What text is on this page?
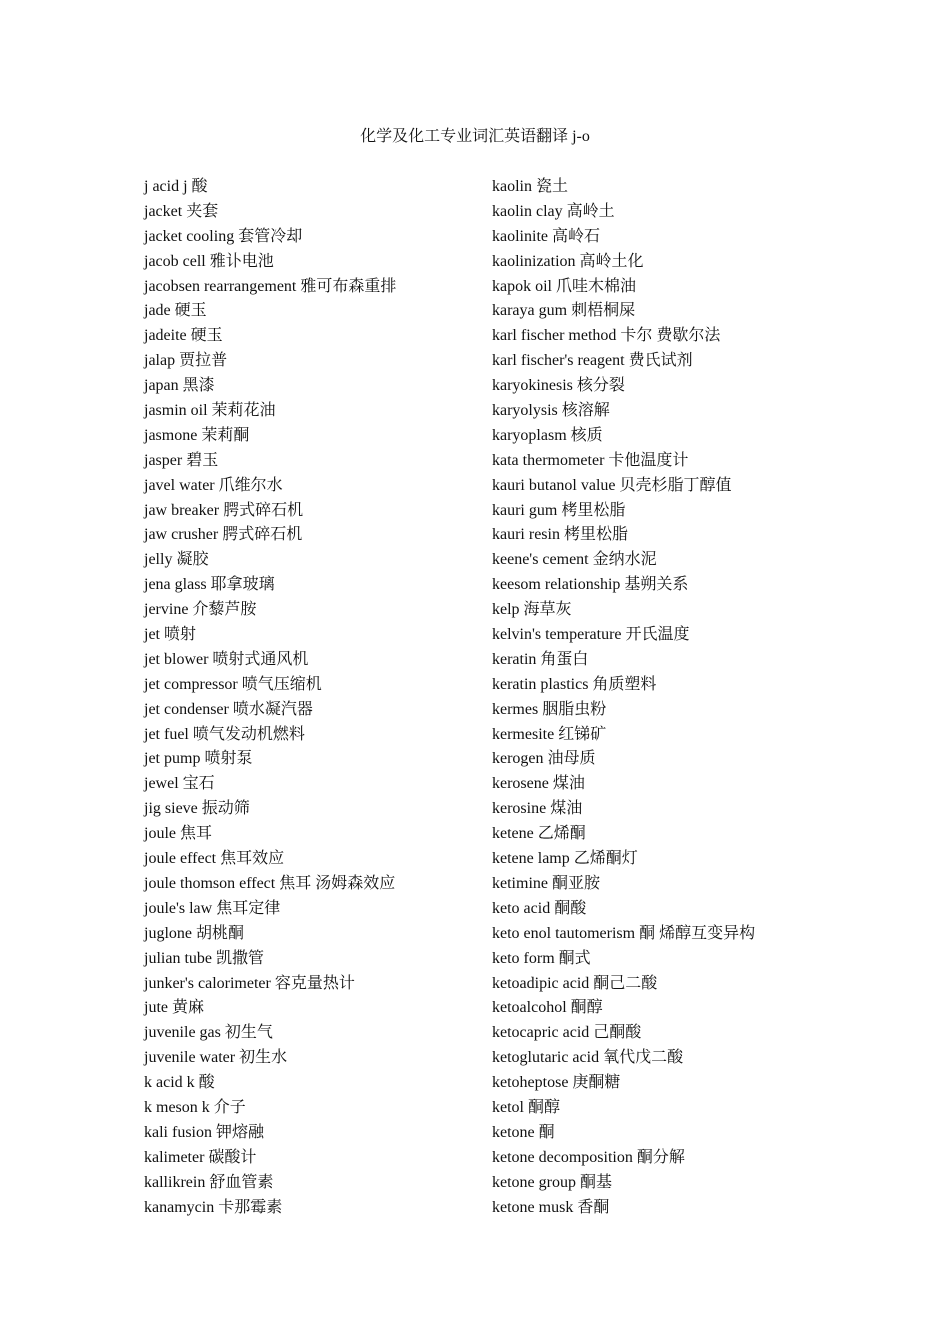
化学及化工专业词汇英语翻译 j-o
j acid j 酸
jacket 夹套
jacket cooling 套管冷却
jacob cell 雅讣电池
jacobsen rearrangement 雅可布森重排
jade 硬玉
jadeite 硬玉
jalap 贾拉普
japan 黑漆
jasmin oil 茉莉花油
jasmone 茉莉酮
jasper 碧玉
javel water 爪维尔水
jaw breaker 腭式碎石机
jaw crusher 腭式碎石机
jelly 凝胶
jena glass 耶拿玻璃
jervine 介藜芦胺
jet 喷射
jet blower 喷射式通风机
jet compressor 喷气压缩机
jet condenser 喷水凝汽器
jet fuel 喷气发动机燃料
jet pump 喷射泵
jewel 宝石
jig sieve 振动筛
joule 焦耳
joule effect 焦耳效应
joule thomson effect 焦耳 汤姆森效应
joule's law 焦耳定律
juglone 胡桃酮
julian tube 凯撒管
junker's calorimeter 容克量热计
jute 黄麻
juvenile gas 初生气
juvenile water 初生水
k acid k 酸
k meson k 介子
kali fusion 钾熔融
kalimeter 碳酸计
kallikrein 舒血管素
kanamycin 卡那霉素
kaolin 瓷土
kaolin clay 高岭土
kaolinite 高岭石
kaolinization 高岭土化
kapok oil 爪哇木棉油
karaya gum 刺梧桐屎
karl fischer method 卡尔 费歇尔法
karl fischer's reagent 费氏试剂
karyokinesis 核分裂
karyolysis 核溶解
karyoplasm 核质
kata thermometer 卡他温度计
kauri butanol value 贝壳杉脂丁醇值
kauri gum 栲里松脂
kauri resin 栲里松脂
keene's cement 金纳水泥
keesom relationship 基朔关系
kelp 海草灰
kelvin's temperature 开氏温度
keratin 角蛋白
keratin plastics 角质塑料
kermes 胭脂虫粉
kermesite 红锑矿
kerogen 油母质
kerosene 煤油
kerosine 煤油
ketene 乙烯酮
ketene lamp 乙烯酮灯
ketimine 酮亚胺
keto acid 酮酸
keto enol tautomerism 酮 烯醇互变异构
keto form 酮式
ketoadipic acid 酮己二酸
ketoalcohol 酮醇
ketocapric acid 己酮酸
ketoglutaric acid 氧代戊二酸
ketoheptose 庚酮糖
ketol 酮醇
ketone 酮
ketone decomposition 酮分解
ketone group 酮基
ketone musk 香酮
